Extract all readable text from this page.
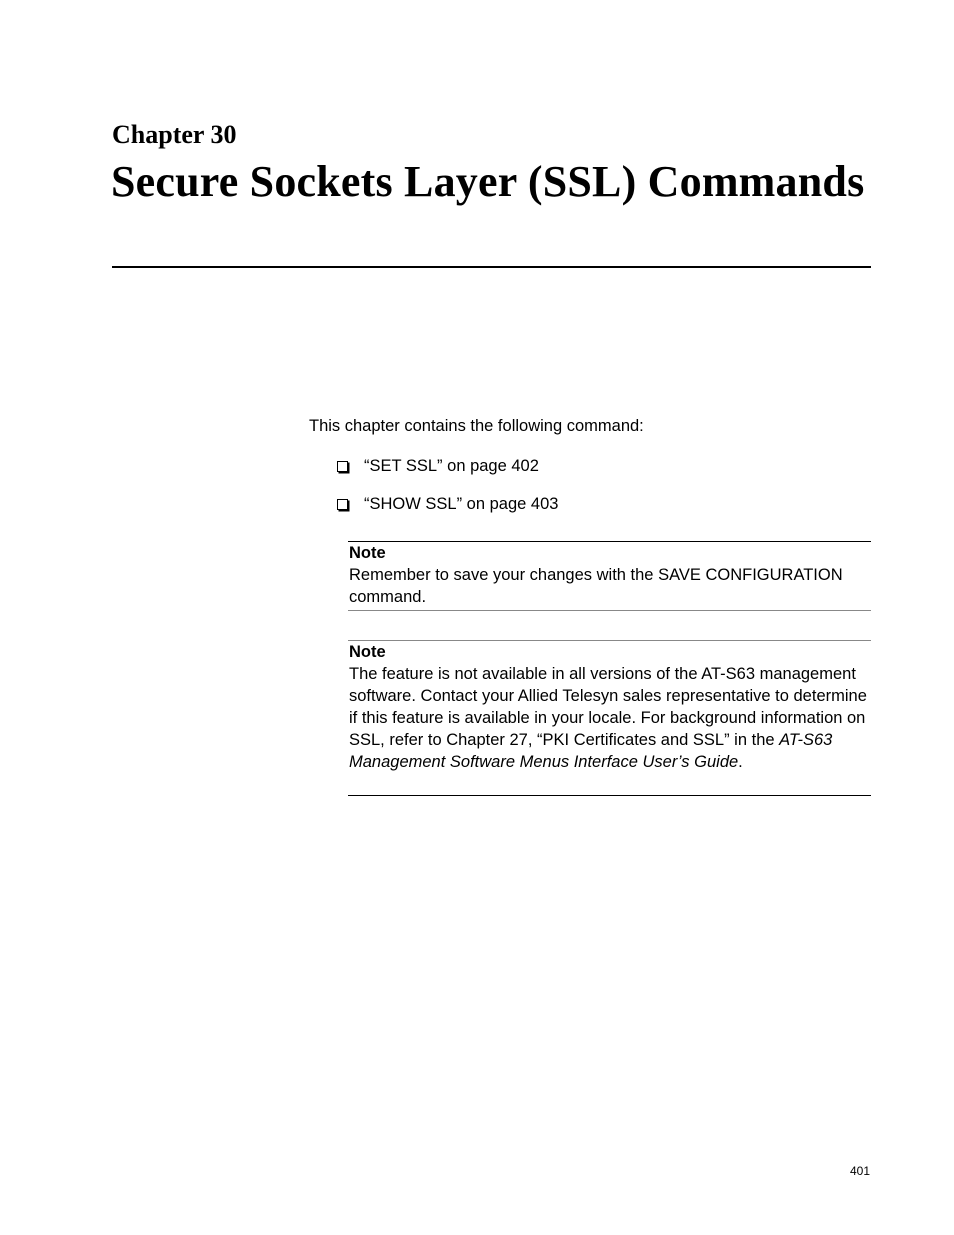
Chapter 30
Secure Sockets Layer (SSL) Commands

This chapter contains the following command:

“SET SSL” on page 402
“SHOW SSL” on page 403

Note

Remember to save your changes with the SAVE CONFIGURATION command.

Note

The feature is not available in all versions of the AT-S63 management software. Contact your Allied Telesyn sales representative to determine if this feature is available in your locale. For background information on SSL, refer to Chapter 27, “PKI Certificates and SSL” in the AT-S63 Management Software Menus Interface User’s Guide.

401
